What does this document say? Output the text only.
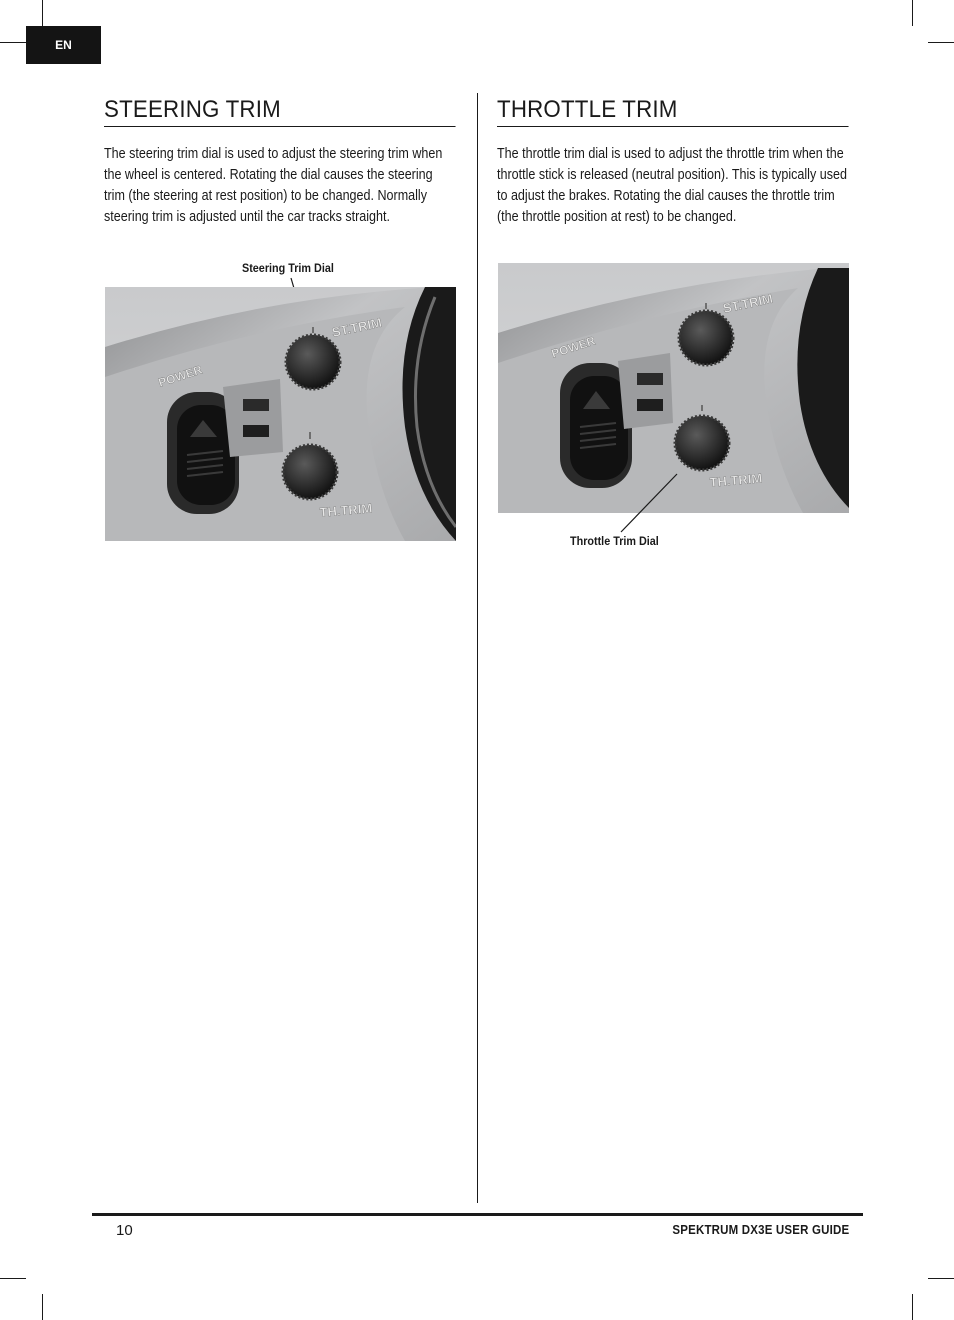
EN
STEERING TRIM

The steering trim dial is used to adjust the steering trim when the wheel is centered. Rotating the dial causes the steering trim (the steering at rest position) to be changed. Normally steering trim is adjusted until the car tracks straight.

THROTTLE TRIM

The throttle trim dial is used to adjust the throttle trim when the throttle stick is released (neutral position). This is typically used to adjust the brakes. Rotating the dial causes the throttle trim (the throttle position at rest) to be changed.

Steering Trim Dial
POWER
ST.TRIM
TH.TRIM
POWER
ST.TRIM
TH.TRIM
Throttle Trim Dial
10	SPEKTRUM DX3E USER GUIDE
